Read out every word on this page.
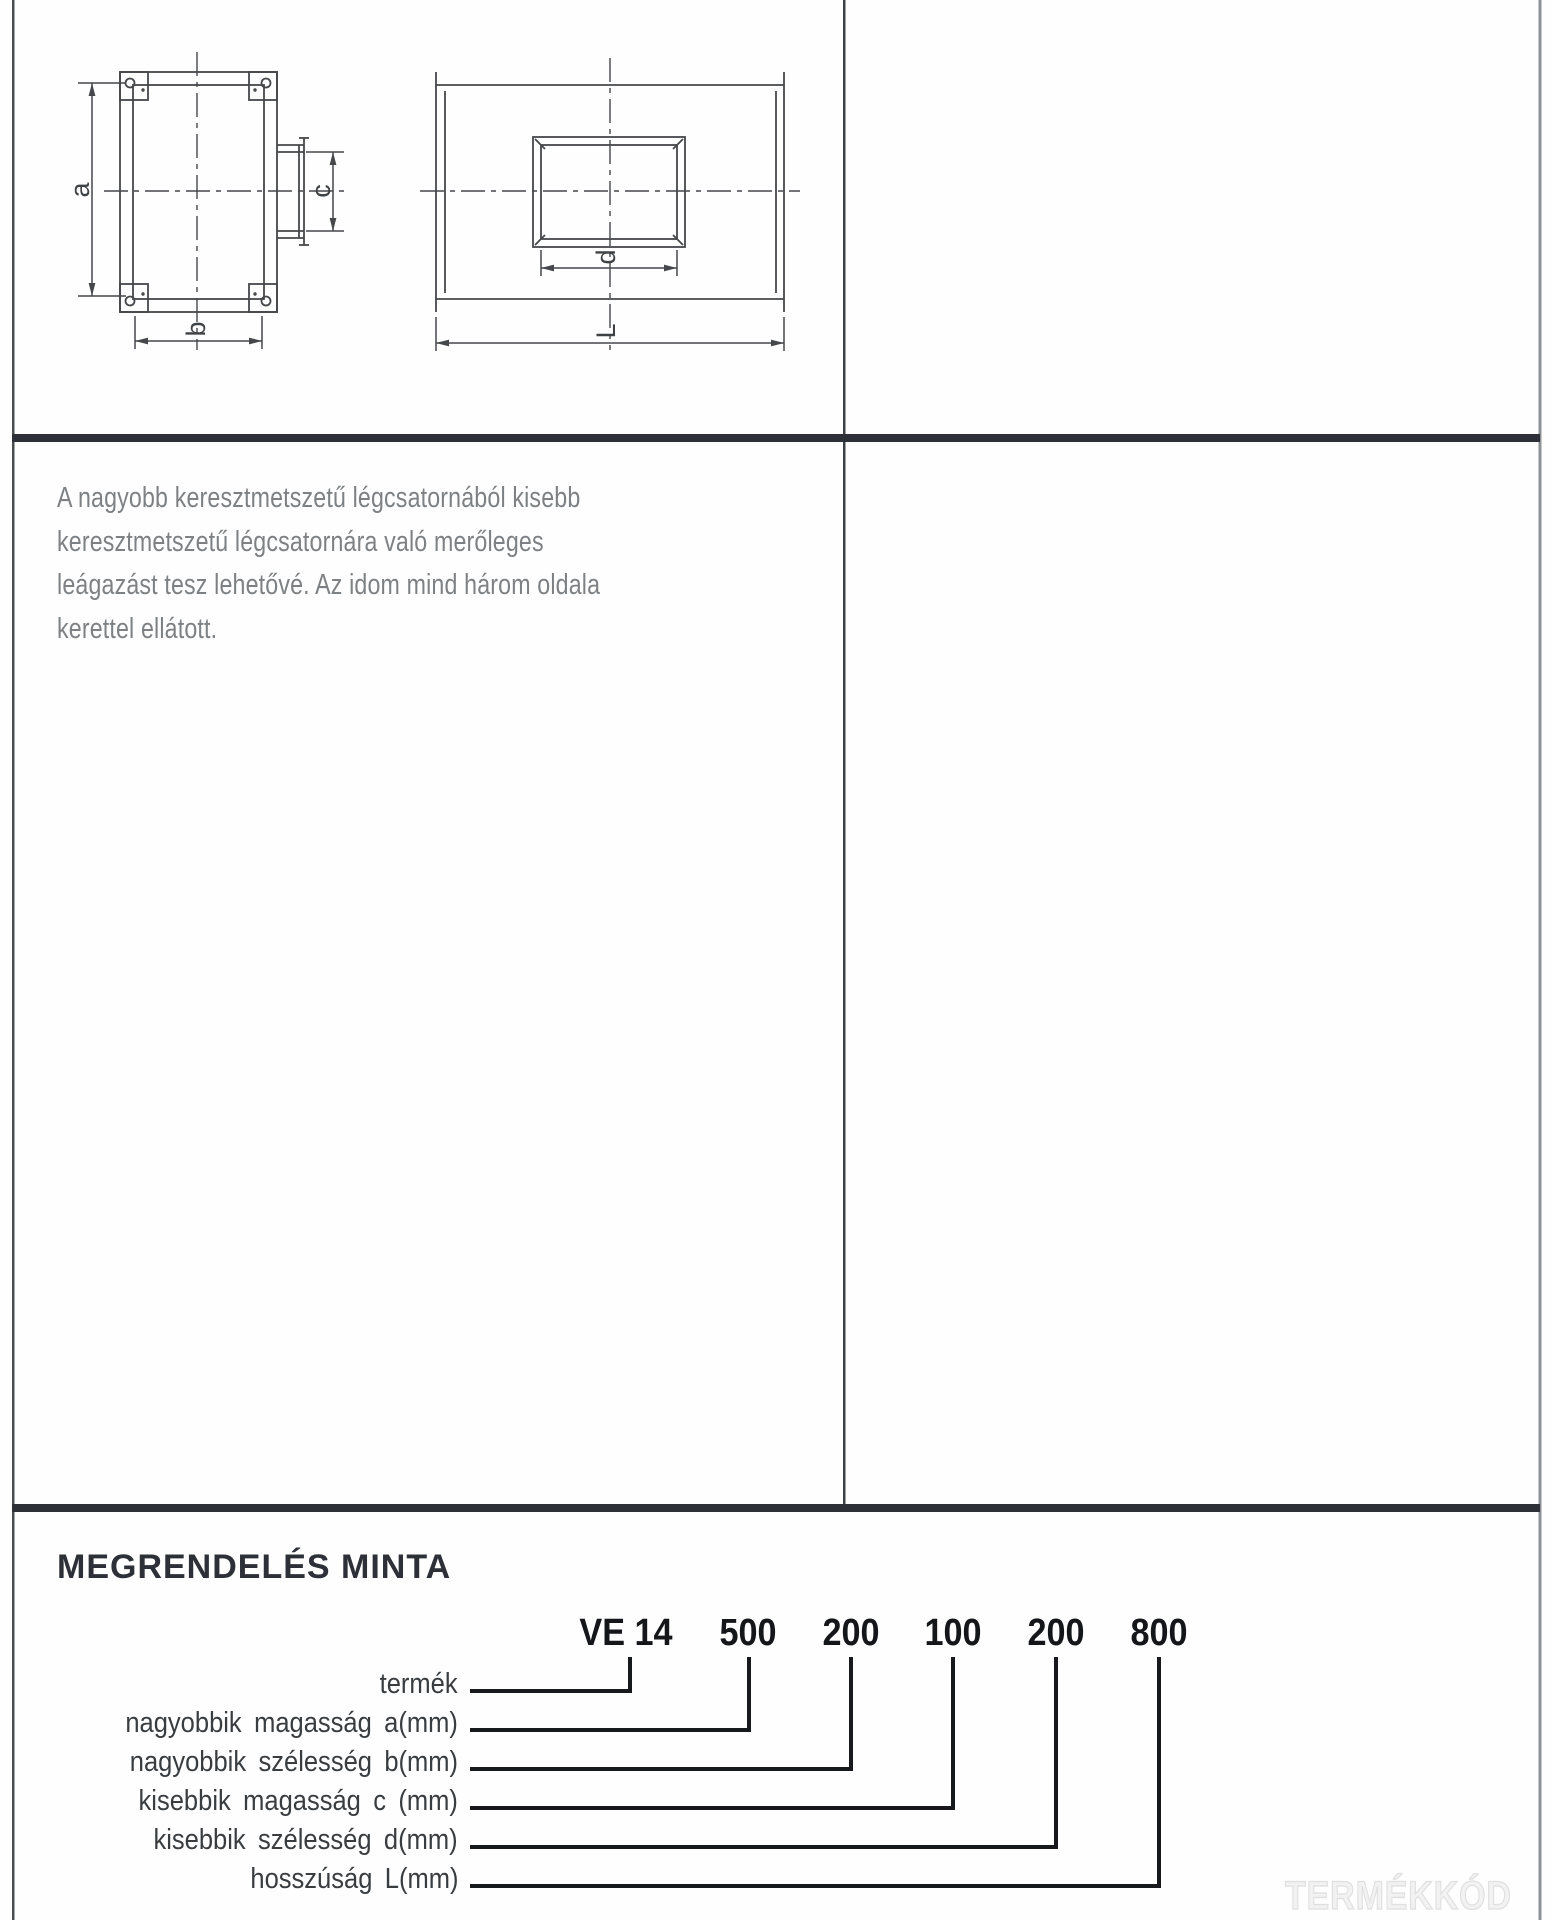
a	c
b
d
L
A nagyobb keresztmetszetű légcsatornából kisebb
keresztmetszetű légcsatornára való merőleges
leágazást tesz lehetővé. Az idom mind három oldala
kerettel ellátott.
MEGRENDELÉS MINTA
VE 14 500 200 100 200 800
termék
nagyobbik magasság a(mm)
nagyobbik szélesség b(mm)
kisebbik magasság c (mm)
kisebbik szélesség d(mm)
hosszúság L(mm)	TERMÉKKÓD
